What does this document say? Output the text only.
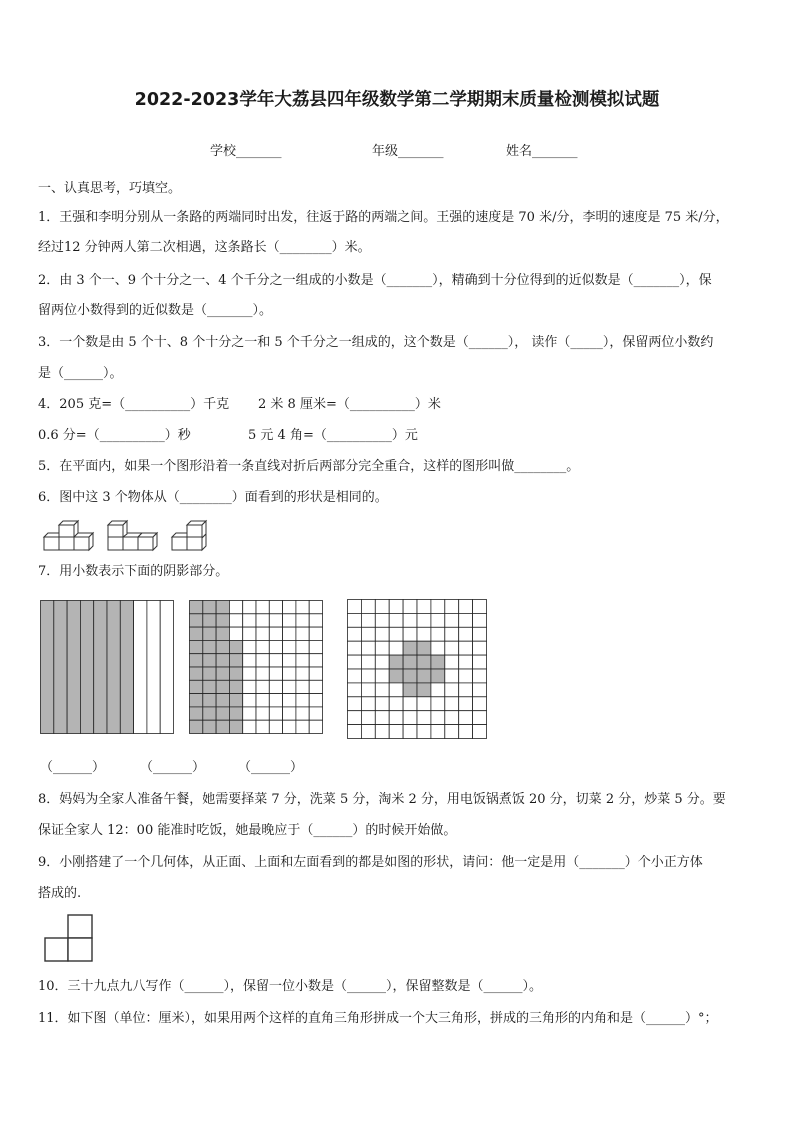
2022-2023学年大荔县四年级数学第二学期期末质量检测模拟试题
学校_______	年级_______	姓名_______
一、认真思考，巧填空。
1．王强和李明分别从一条路的两端同时出发，往返于路的两端之间。王强的速度是 70 米/分，李明的速度是 75 米/分，
经过12 分钟两人第二次相遇，这条路长（________）米。
2．由 3 个一、9 个十分之一、4 个千分之一组成的小数是（_______），精确到十分位得到的近似数是（_______），保
留两位小数得到的近似数是（_______）。
3．一个数是由 5 个十、8 个十分之一和 5 个千分之一组成的，这个数是（______）， 读作（_____），保留两位小数约
是（______）。
4．205 克=（__________）千克 2 米 8 厘米=（__________）米
0.6 分=（__________）秒	5 元 4 角=（__________）元
5．在平面内，如果一个图形沿着一条直线对折后两部分完全重合，这样的图形叫做________。
6．图中这 3 个物体从（________）面看到的形状是相同的。
7．用小数表示下面的阴影部分。
（______）	（______）	（______）
8．妈妈为全家人准备午餐，她需要择菜 7 分，洗菜 5 分，淘米 2 分，用电饭锅煮饭 20 分，切菜 2 分，炒菜 5 分。要
保证全家人 12：00 能准时吃饭，她最晚应于（______）的时候开始做。
9．小刚搭建了一个几何体，从正面、上面和左面看到的都是如图的形状，请问：他一定是用（_______）个小正方体
搭成的.
10．三十九点九八写作（______），保留一位小数是（______），保留整数是（______）。
11．如下图（单位：厘米），如果用两个这样的直角三角形拼成一个大三角形，拼成的三角形的内角和是（______）°；
